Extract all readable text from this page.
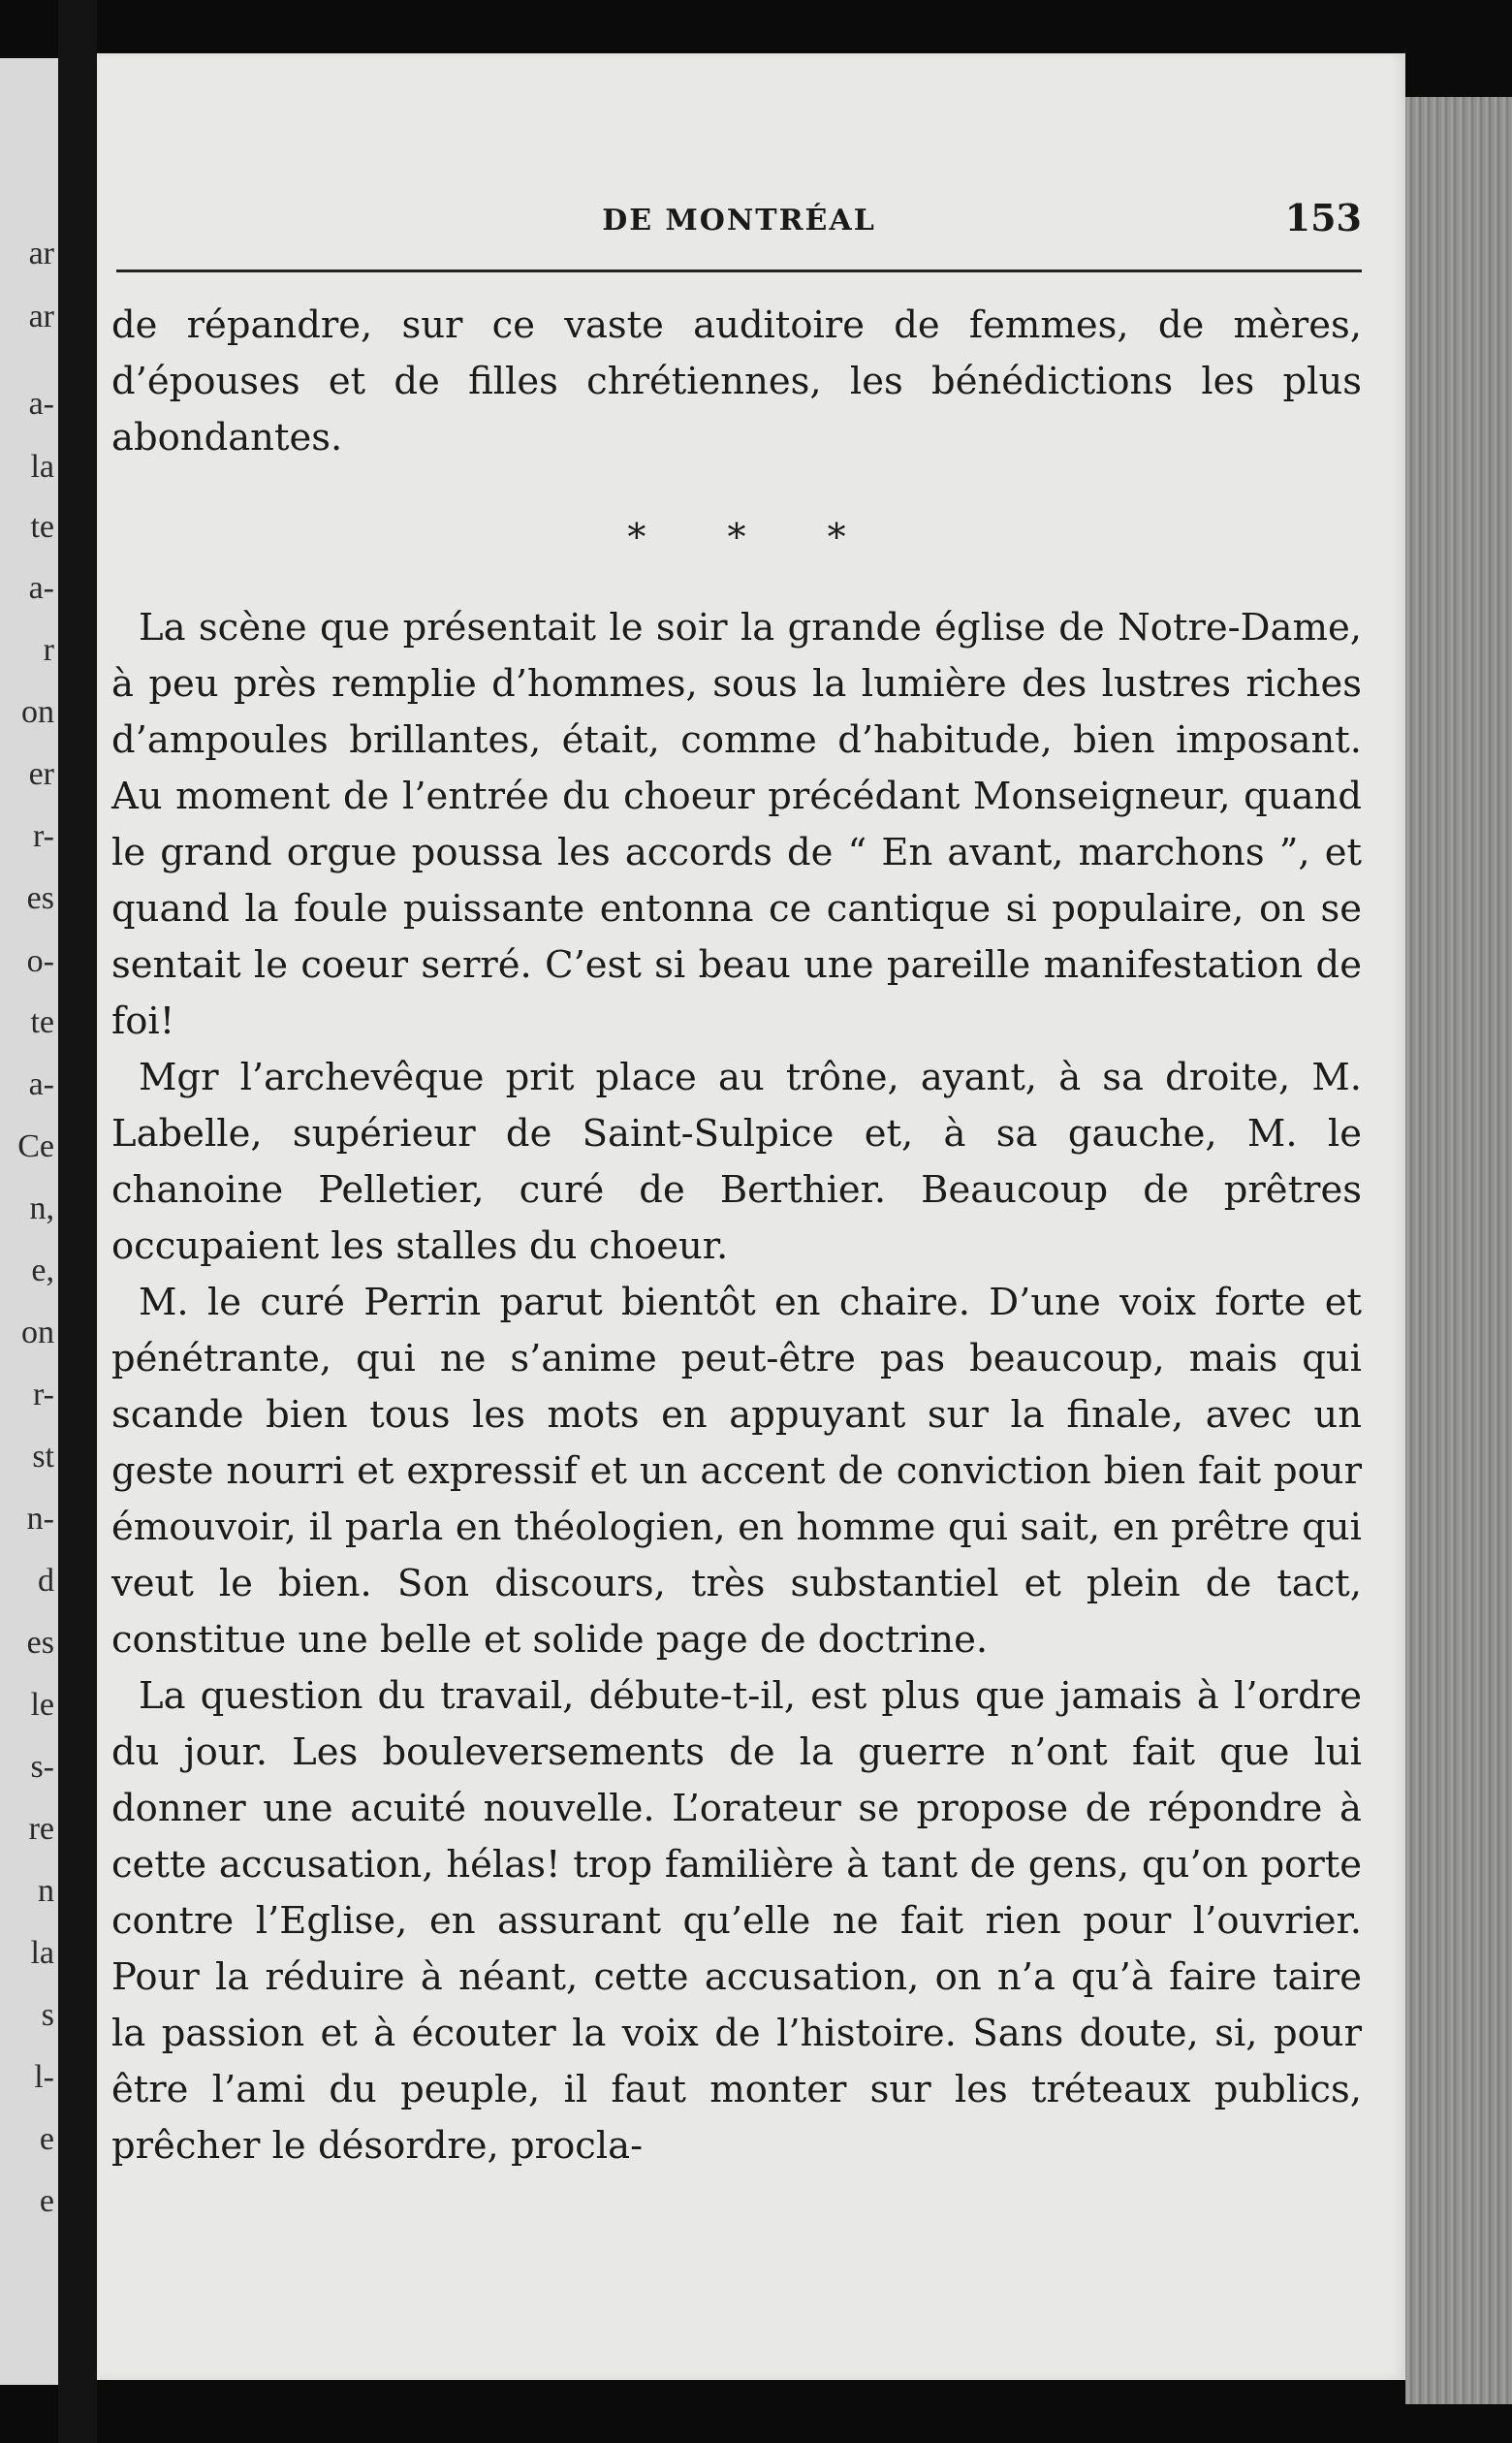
ar
ar
a-
la
te
a-
r
on
er
r-
es
o-
te
a-
Ce
n,
e,
on
r-
st
n-
d
es
le
s-
re
n
la
s
l-
e
e
DE MONTRÉAL	153

de répandre, sur ce vaste auditoire de femmes, de mères, d’épouses et de filles chrétiennes, les bénédictions les plus abondantes.

* * *

La scène que présentait le soir la grande église de Notre-Dame, à peu près remplie d’hommes, sous la lumière des lustres riches d’ampoules brillantes, était, comme d’habitude, bien imposant. Au moment de l’entrée du choeur précédant Monseigneur, quand le grand orgue poussa les accords de “ En avant, marchons ”, et quand la foule puissante entonna ce cantique si populaire, on se sentait le coeur serré. C’est si beau une pareille manifestation de foi!

Mgr l’archevêque prit place au trône, ayant, à sa droite, M. Labelle, supérieur de Saint-Sulpice et, à sa gauche, M. le chanoine Pelletier, curé de Berthier. Beaucoup de prêtres occupaient les stalles du choeur.

M. le curé Perrin parut bientôt en chaire. D’une voix forte et pénétrante, qui ne s’anime peut-être pas beaucoup, mais qui scande bien tous les mots en appuyant sur la finale, avec un geste nourri et expressif et un accent de conviction bien fait pour émouvoir, il parla en théologien, en homme qui sait, en prêtre qui veut le bien. Son discours, très substantiel et plein de tact, constitue une belle et solide page de doctrine.

La question du travail, débute-t-il, est plus que jamais à l’ordre du jour. Les bouleversements de la guerre n’ont fait que lui donner une acuité nouvelle. L’orateur se propose de répondre à cette accusation, hélas! trop familière à tant de gens, qu’on porte contre l’Eglise, en assurant qu’elle ne fait rien pour l’ouvrier. Pour la réduire à néant, cette accusation, on n’a qu’à faire taire la passion et à écouter la voix de l’histoire. Sans doute, si, pour être l’ami du peuple, il faut monter sur les tréteaux publics, prêcher le désordre, procla-
